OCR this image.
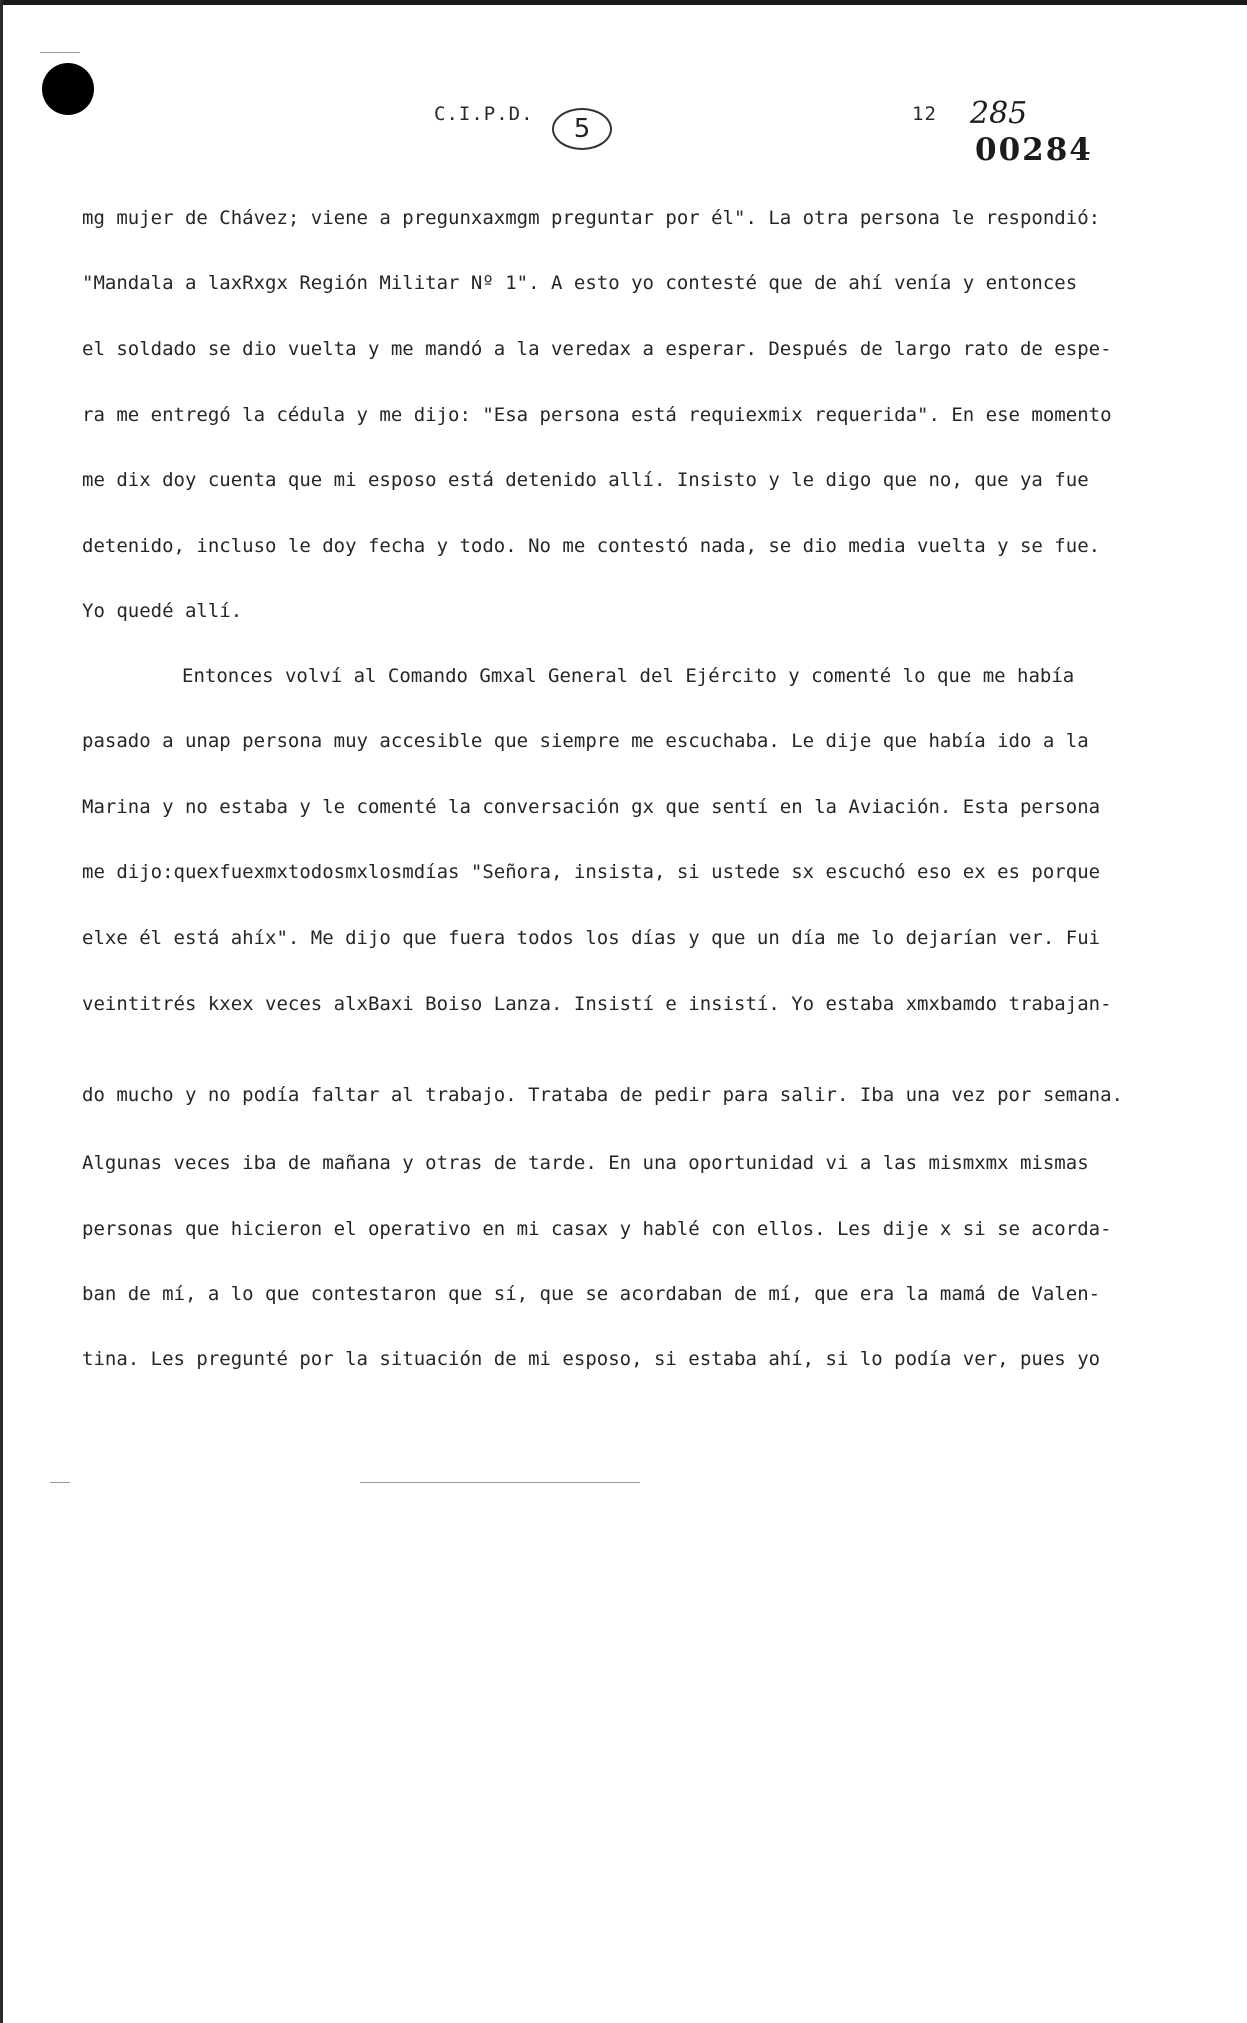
C.I.P.D.	5	12 285
00284
mg mujer de Chávez; viene a pregunxaxmgm preguntar por él". La otra persona le respondió:
"Mandala a laxRxgx Región Militar Nº 1". A esto yo contesté que de ahí venía y entonces
el soldado se dio vuelta y me mandó a la veredax a esperar. Después de largo rato de espe-
ra me entregó la cédula y me dijo: "Esa persona está requiexmix requerida". En ese momento
me dix doy cuenta que mi esposo está detenido allí. Insisto y le digo que no, que ya fue
detenido, incluso le doy fecha y todo. No me contestó nada, se dio media vuelta y se fue.
Yo quedé allí.
Entonces volví al Comando Gmxal General del Ejército y comenté lo que me había
pasado a unap persona muy accesible que siempre me escuchaba. Le dije que había ido a la
Marina y no estaba y le comenté la conversación gx que sentí en la Aviación. Esta persona
me dijo:quexfuexmxtodosmxlosmdías "Señora, insista, si ustede sx escuchó eso ex es porque
elxe él está ahíx". Me dijo que fuera todos los días y que un día me lo dejarían ver. Fui
veintitrés kxex veces alxBaxi Boiso Lanza. Insistí e insistí. Yo estaba xmxbamdo trabajan-
do mucho y no podía faltar al trabajo. Trataba de pedir para salir. Iba una vez por semana.
Algunas veces iba de mañana y otras de tarde. En una oportunidad vi a las mismxmx mismas
personas que hicieron el operativo en mi casax y hablé con ellos. Les dije x si se acorda-
ban de mí, a lo que contestaron que sí, que se acordaban de mí, que era la mamá de Valen-
tina. Les pregunté por la situación de mi esposo, si estaba ahí, si lo podía ver, pues yo
